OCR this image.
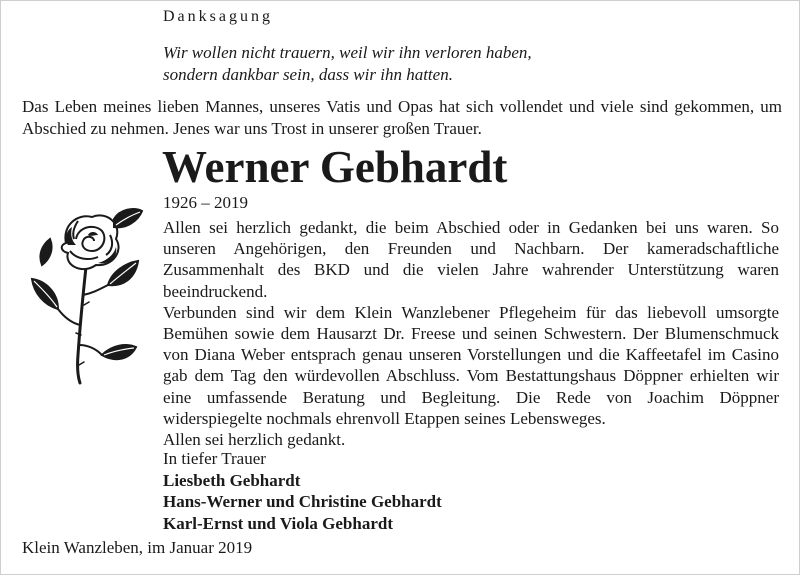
Danksagung
Wir wollen nicht trauern, weil wir ihn verloren haben,
sondern dankbar sein, dass wir ihn hatten.
Das Leben meines lieben Mannes, unseres Vatis und Opas hat sich vollendet und viele sind gekommen, um Abschied zu nehmen. Jenes war uns Trost in unserer großen Trauer.
Werner Gebhardt
1926 – 2019

Allen sei herzlich gedankt, die beim Abschied oder in Gedanken bei uns waren. So unseren Angehörigen, den Freunden und Nachbarn. Der kameradschaftliche Zusammenhalt des BKD und die vielen Jahre wahrender Unterstützung waren beeindruckend.

Verbunden sind wir dem Klein Wanzlebener Pflegeheim für das liebevoll umsorgte Bemühen sowie dem Hausarzt Dr. Freese und seinen Schwestern. Der Blumenschmuck von Diana Weber entsprach genau unseren Vorstellungen und die Kaffeetafel im Casino gab dem Tag den würdevollen Abschluss. Vom Bestattungshaus Döppner erhielten wir eine umfassende Beratung und Begleitung. Die Rede von Joachim Döppner widerspiegelte nochmals ehrenvoll Etappen seines Lebensweges.

Allen sei herzlich gedankt.

In tiefer Trauer
Liesbeth Gebhardt
Hans-Werner und Christine Gebhardt
Karl-Ernst und Viola Gebhardt
Klein Wanzleben, im Januar 2019
